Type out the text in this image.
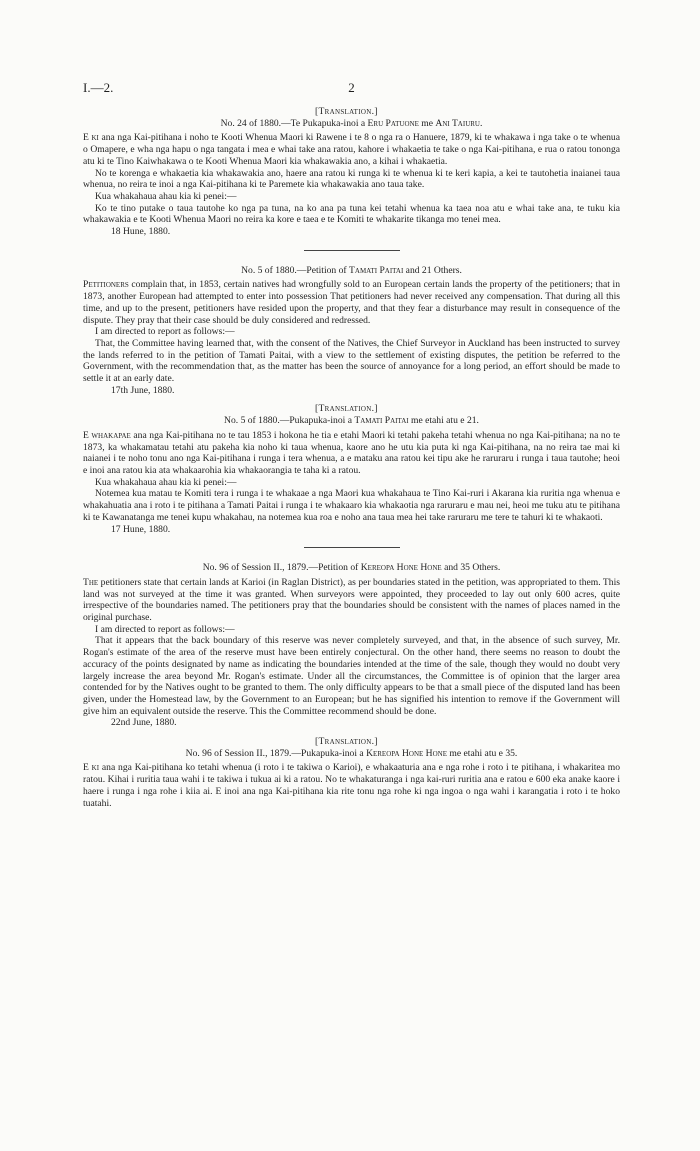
I.—2.	2

[Translation.]

No. 24 of 1880.—Te Pukapuka-inoi a Eru Patuone me Ani Taiuru.

E ki ana nga Kai-pitihana i noho te Kooti Whenua Maori ki Rawene i te 8 o nga ra o Hanuere, 1879, ki te whakawa i nga take o te whenua o Omapere, e wha nga hapu o nga tangata i mea e whai take ana ratou, kahore i whakaetia te take o nga Kai-pitihana, e rua o ratou tononga atu ki te Tino Kaiwhakawa o te Kooti Whenua Maori kia whakawakia ano, a kihai i whakaetia.

No te korenga e whakaetia kia whakawakia ano, haere ana ratou ki runga ki te whenua ki te keri kapia, a kei te tautohetia inaianei taua whenua, no reira te inoi a nga Kai-pitihana ki te Paremete kia whakawakia ano taua take.

Kua whakahaua ahau kia ki penei:—

Ko te tino putake o taua tautohe ko nga pa tuna, na ko ana pa tuna kei tetahi whenua ka taea noa atu e whai take ana, te tuku kia whakawakia e te Kooti Whenua Maori no reira ka kore e taea e te Komiti te whakarite tikanga mo tenei mea.

18 Hune, 1880.

No. 5 of 1880.—Petition of Tamati Paitai and 21 Others.

Petitioners complain that, in 1853, certain natives had wrongfully sold to an European certain lands the property of the petitioners; that in 1873, another European had attempted to enter into possession That petitioners had never received any compensation. That during all this time, and up to the present, petitioners have resided upon the property, and that they fear a disturbance may result in consequence of the dispute. They pray that their case should be duly considered and redressed.

I am directed to report as follows:—

That, the Committee having learned that, with the consent of the Natives, the Chief Surveyor in Auckland has been instructed to survey the lands referred to in the petition of Tamati Paitai, with a view to the settlement of existing disputes, the petition be referred to the Government, with the recommendation that, as the matter has been the source of annoyance for a long period, an effort should be made to settle it at an early date.

17th June, 1880.

[Translation.]

No. 5 of 1880.—Pukapuka-inoi a Tamati Paitai me etahi atu e 21.

E whakapae ana nga Kai-pitihana no te tau 1853 i hokona he tia e etahi Maori ki tetahi pakeha tetahi whenua no nga Kai-pitihana; na no te 1873, ka whakamatau tetahi atu pakeha kia noho ki taua whenua, kaore ano he utu kia puta ki nga Kai-pitihana, na no reira tae mai ki naianei i te noho tonu ano nga Kai-pitihana i runga i tera whenua, a e mataku ana ratou kei tipu ake he raruraru i runga i taua tautohe; heoi e inoi ana ratou kia ata whakaarohia kia whakaorangia te taha ki a ratou.

Kua whakahaua ahau kia ki penei:—

Notemea kua matau te Komiti tera i runga i te whakaae a nga Maori kua whakahaua te Tino Kai-ruri i Akarana kia ruritia nga whenua e whakahuatia ana i roto i te pitihana a Tamati Paitai i runga i te whakaaro kia whakaotia nga raruraru e mau nei, heoi me tuku atu te pitihana ki te Kawanatanga me tenei kupu whakahau, na notemea kua roa e noho ana taua mea hei take raruraru me tere te tahuri ki te whakaoti.

17 Hune, 1880.

No. 96 of Session II., 1879.—Petition of Kereopa Hone Hone and 35 Others.

The petitioners state that certain lands at Karioi (in Raglan District), as per boundaries stated in the petition, was appropriated to them. This land was not surveyed at the time it was granted. When surveyors were appointed, they proceeded to lay out only 600 acres, quite irrespective of the boundaries named. The petitioners pray that the boundaries should be consistent with the names of places named in the original purchase.

I am directed to report as follows:—

That it appears that the back boundary of this reserve was never completely surveyed, and that, in the absence of such survey, Mr. Rogan's estimate of the area of the reserve must have been entirely conjectural. On the other hand, there seems no reason to doubt the accuracy of the points designated by name as indicating the boundaries intended at the time of the sale, though they would no doubt very largely increase the area beyond Mr. Rogan's estimate. Under all the circumstances, the Committee is of opinion that the larger area contended for by the Natives ought to be granted to them. The only difficulty appears to be that a small piece of the disputed land has been given, under the Homestead law, by the Government to an European; but he has signified his intention to remove if the Government will give him an equivalent outside the reserve. This the Committee recommend should be done.

22nd June, 1880.

[Translation.]

No. 96 of Session II., 1879.—Pukapuka-inoi a Kereopa Hone Hone me etahi atu e 35.

E ki ana nga Kai-pitihana ko tetahi whenua (i roto i te takiwa o Karioi), e whakaaturia ana e nga rohe i roto i te pitihana, i whakaritea mo ratou. Kihai i ruritia taua wahi i te takiwa i tukua ai ki a ratou. No te whakaturanga i nga kai-ruri ruritia ana e ratou e 600 eka anake kaore i haere i runga i nga rohe i kiia ai. E inoi ana nga Kai-pitihana kia rite tonu nga rohe ki nga ingoa o nga wahi i karangatia i roto i te hoko tuatahi.
